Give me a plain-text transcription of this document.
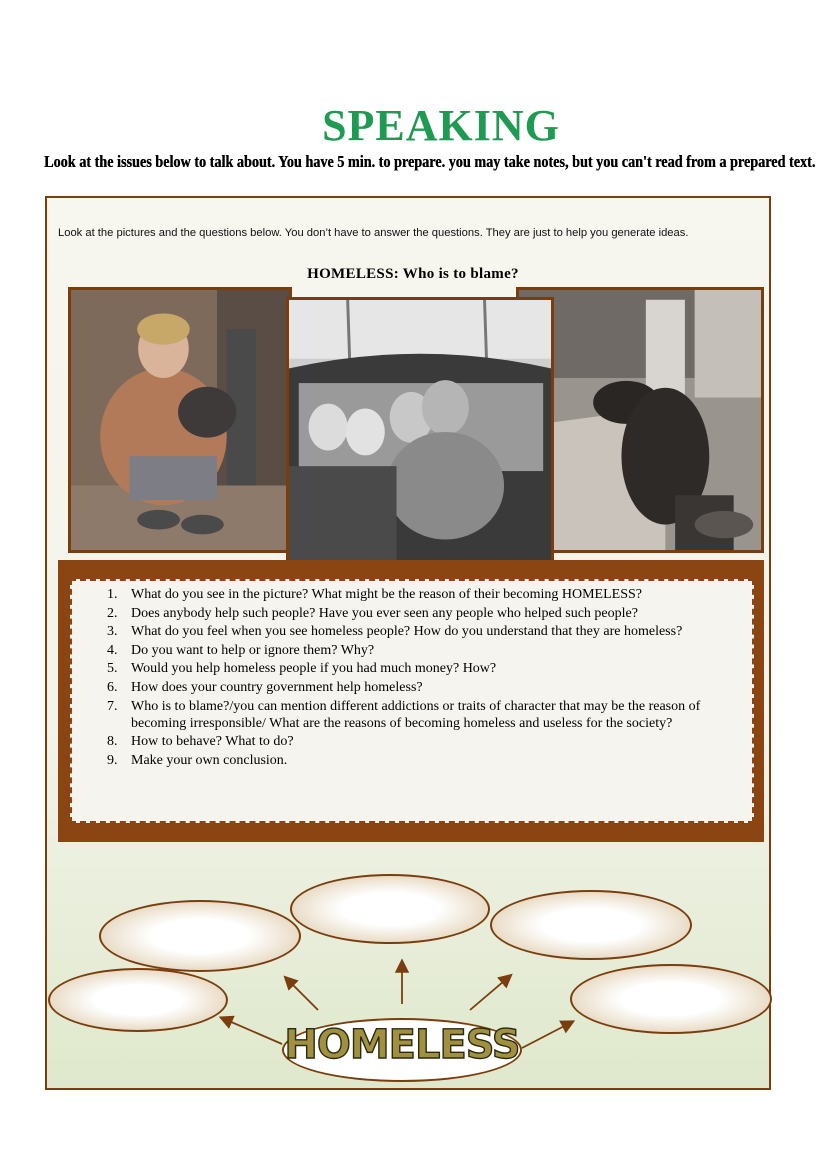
SPEAKING
Look at the issues below to talk about. You have 5 min. to prepare. you may take notes, but you can't read from a prepared text.
Look at the pictures and the questions below. You don’t have to answer the questions. They are just to help you generate ideas.
HOMELESS: Who is to blame?
1. What do you see in the picture? What might be the reason of their becoming HOMELESS?
2. Does anybody help such people? Have you ever seen any people who helped such people?
3. What do you feel when you see homeless people? How do you understand that they are homeless?
4. Do you want to help or ignore them? Why?
5. Would you help homeless people if you had much money? How?
6. How does your country government help homeless?
7. Who is to blame?/you can mention different addictions or traits of character that may be the reason of becoming irresponsible/ What are the reasons of becoming homeless and useless for the society?
8. How to behave? What to do?
9. Make your own conclusion.
HOMELESS
